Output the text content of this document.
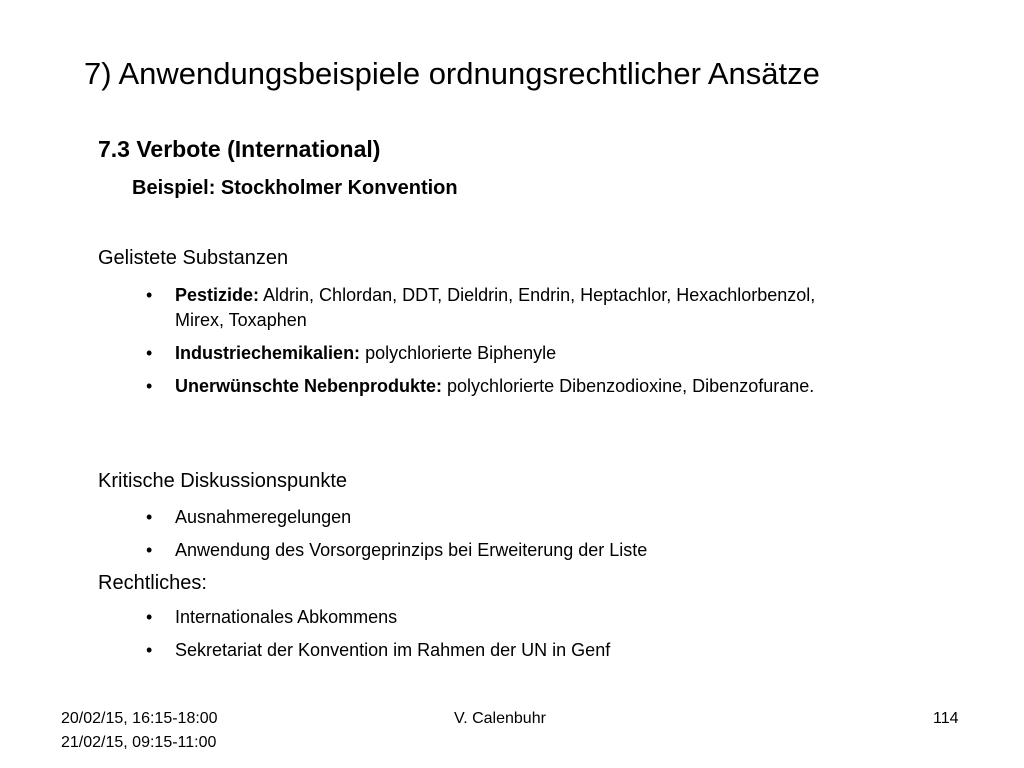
7) Anwendungsbeispiele ordnungsrechtlicher Ansätze
7.3 Verbote (International)
Beispiel: Stockholmer Konvention
Gelistete Substanzen
• Pestizide: Aldrin, Chlordan, DDT, Dieldrin, Endrin, Heptachlor, Hexachlorbenzol, Mirex, Toxaphen
• Industriechemikalien: polychlorierte Biphenyle
• Unerwünschte Nebenprodukte: polychlorierte Dibenzodioxine, Dibenzofurane.
Kritische Diskussionspunkte
• Ausnahmeregelungen
• Anwendung des Vorsorgeprinzips bei Erweiterung der Liste
Rechtliches:
• Internationales Abkommens
• Sekretariat der Konvention im Rahmen der UN in Genf
20/02/15, 16:15-18:00
21/02/15, 09:15-11:00
V. Calenbuhr	114
